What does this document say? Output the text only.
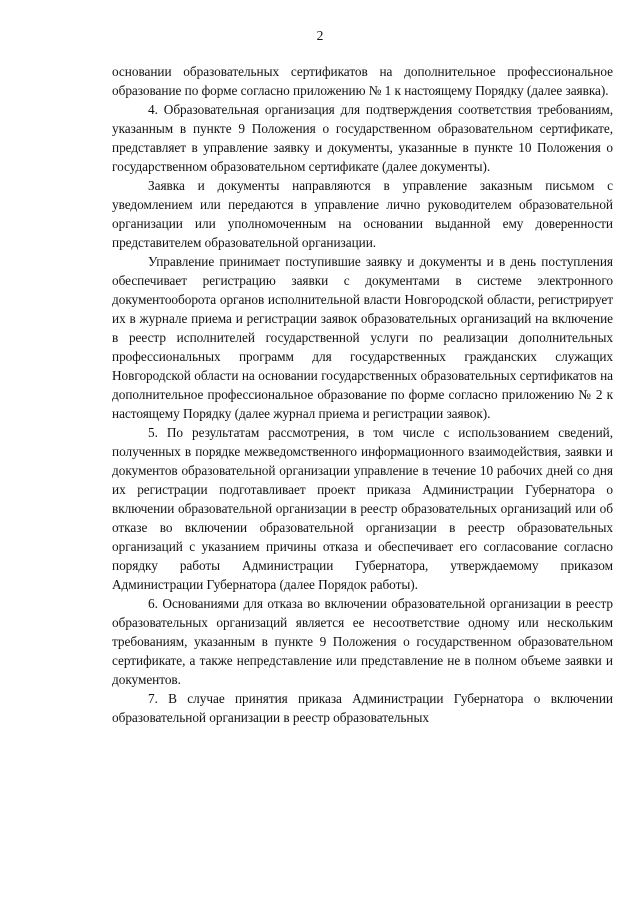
2

основании образовательных сертификатов на дополнительное профессиональное образование по форме согласно приложению № 1 к настоящему Порядку (далее заявка).

4. Образовательная организация для подтверждения соответствия требованиям, указанным в пункте 9 Положения о государственном образовательном сертификате, представляет в управление заявку и документы, указанные в пункте 10 Положения о государственном образовательном сертификате (далее документы).

Заявка и документы направляются в управление заказным письмом с уведомлением или передаются в управление лично руководителем образовательной организации или уполномоченным на основании выданной ему доверенности представителем образовательной организации.

Управление принимает поступившие заявку и документы и в день поступления обеспечивает регистрацию заявки с документами в системе электронного документооборота органов исполнительной власти Новгородской области, регистрирует их в журнале приема и регистрации заявок образовательных организаций на включение в реестр исполнителей государственной услуги по реализации дополнительных профессиональных программ для государственных гражданских служащих Новгородской области на основании государственных образовательных сертификатов на дополнительное профессиональное образование по форме согласно приложению № 2 к настоящему Порядку (далее журнал приема и регистрации заявок).

5. По результатам рассмотрения, в том числе с использованием сведений, полученных в порядке межведомственного информационного взаимодействия, заявки и документов образовательной организации управление в течение 10 рабочих дней со дня их регистрации подготавливает проект приказа Администрации Губернатора о включении образовательной организации в реестр образовательных организаций или об отказе во включении образовательной организации в реестр образовательных организаций с указанием причины отказа и обеспечивает его согласование согласно порядку работы Администрации Губернатора, утверждаемому приказом Администрации Губернатора (далее Порядок работы).

6. Основаниями для отказа во включении образовательной организации в реестр образовательных организаций является ее несоответствие одному или нескольким требованиям, указанным в пункте 9 Положения о государственном образовательном сертификате, а также непредставление или представление не в полном объеме заявки и документов.

7. В случае принятия приказа Администрации Губернатора о включении образовательной организации в реестр образовательных
